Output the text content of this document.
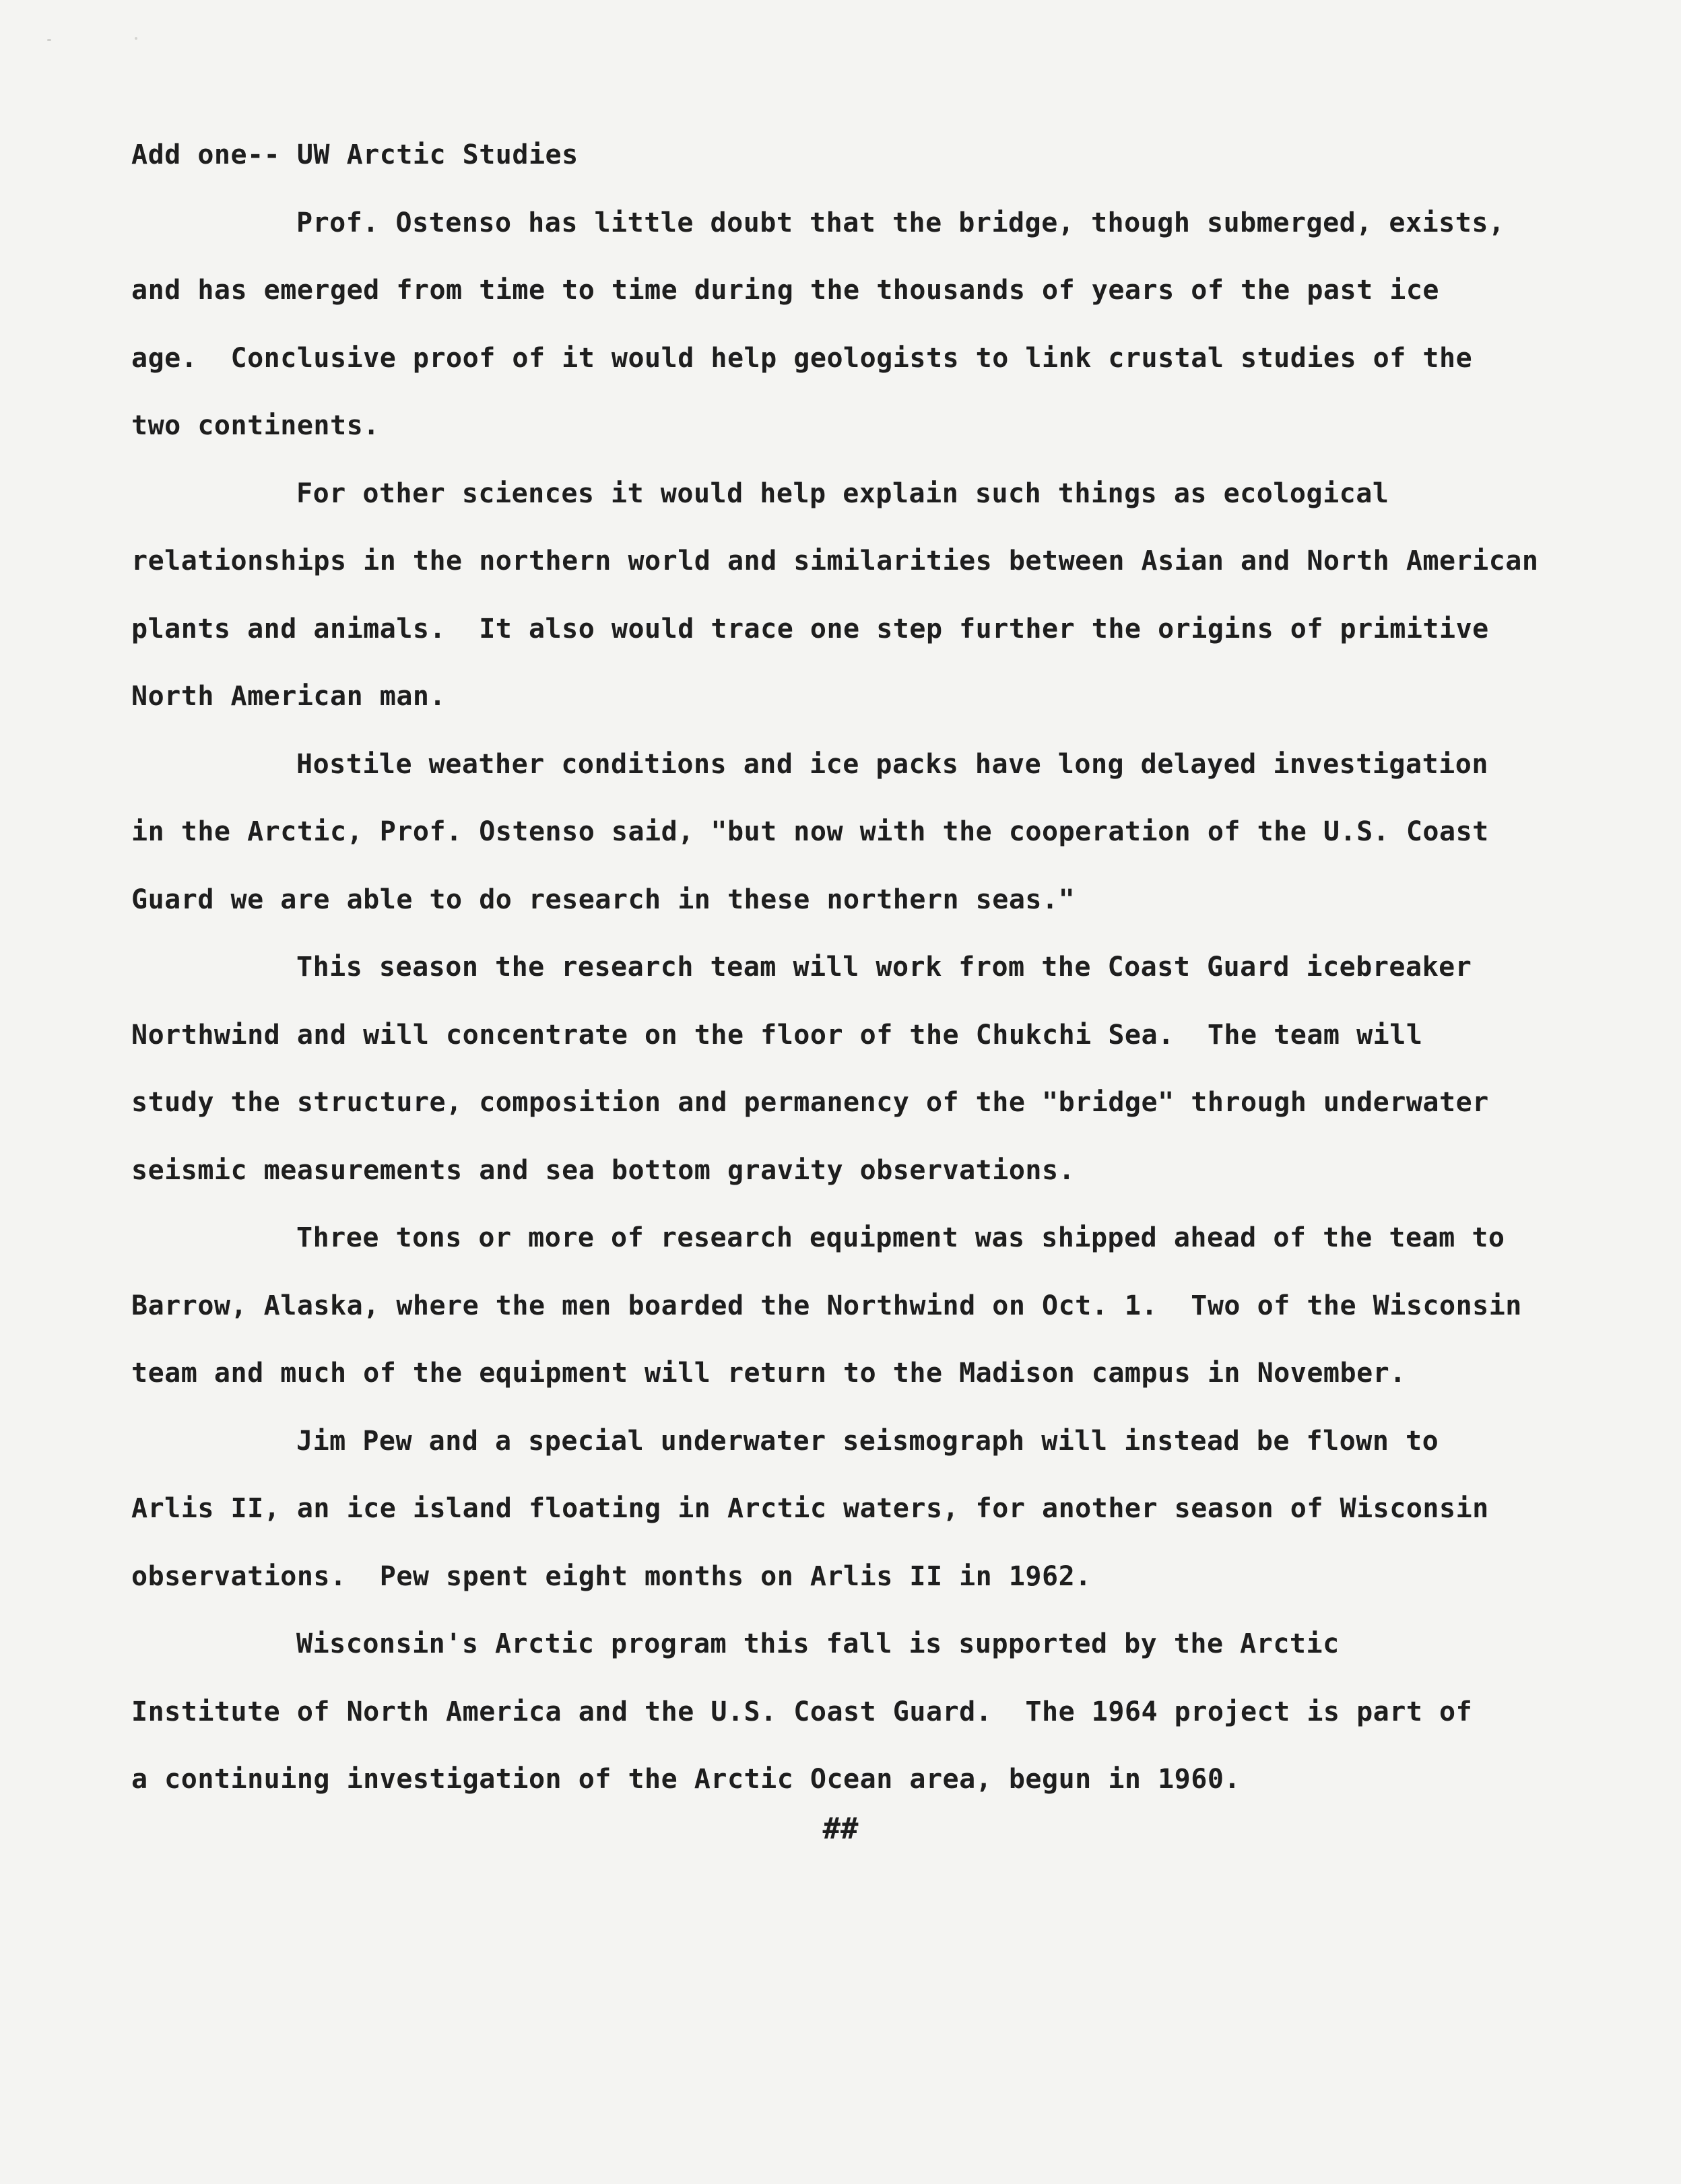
Add one-- UW Arctic Studies
Prof. Ostenso has little doubt that the bridge, though submerged, exists,
and has emerged from time to time during the thousands of years of the past ice
age.  Conclusive proof of it would help geologists to link crustal studies of the
two continents.
For other sciences it would help explain such things as ecological
relationships in the northern world and similarities between Asian and North American
plants and animals.  It also would trace one step further the origins of primitive
North American man.
Hostile weather conditions and ice packs have long delayed investigation
in the Arctic, Prof. Ostenso said, "but now with the cooperation of the U.S. Coast
Guard we are able to do research in these northern seas."
This season the research team will work from the Coast Guard icebreaker
Northwind and will concentrate on the floor of the Chukchi Sea.  The team will
study the structure, composition and permanency of the "bridge" through underwater
seismic measurements and sea bottom gravity observations.
Three tons or more of research equipment was shipped ahead of the team to
Barrow, Alaska, where the men boarded the Northwind on Oct. 1.  Two of the Wisconsin
team and much of the equipment will return to the Madison campus in November.
Jim Pew and a special underwater seismograph will instead be flown to
Arlis II, an ice island floating in Arctic waters, for another season of Wisconsin
observations.  Pew spent eight months on Arlis II in 1962.
Wisconsin's Arctic program this fall is supported by the Arctic
Institute of North America and the U.S. Coast Guard.  The 1964 project is part of
a continuing investigation of the Arctic Ocean area, begun in 1960.
##
